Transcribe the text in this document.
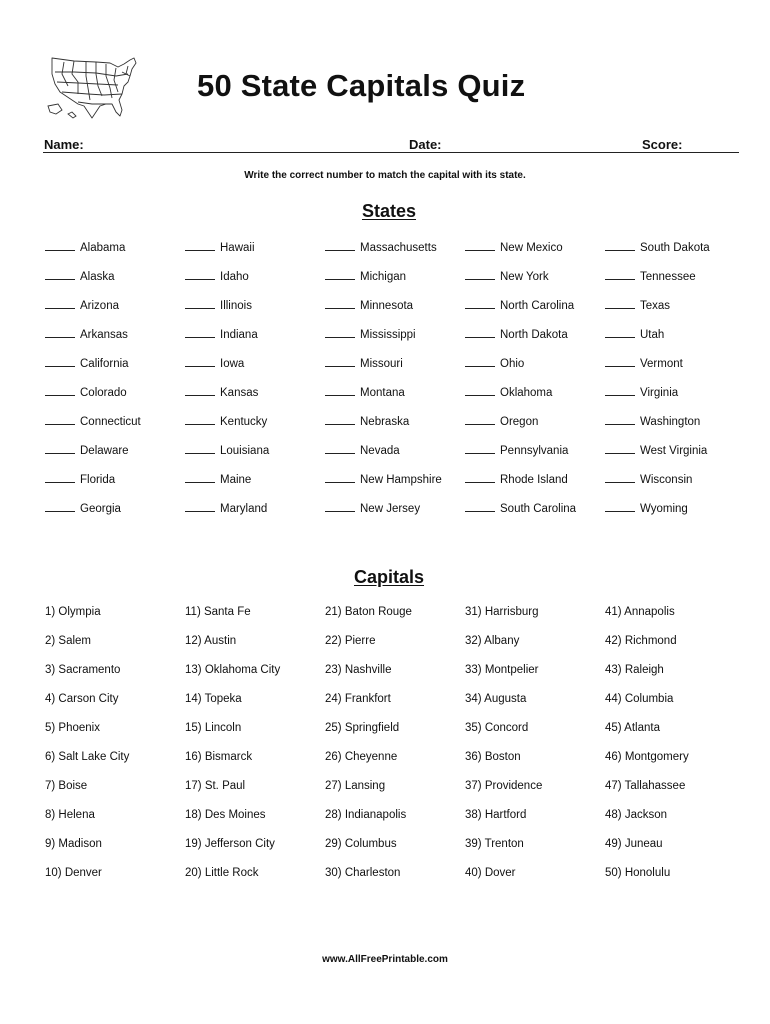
50 State Capitals Quiz
Name:	Date:	Score:
Write the correct number to match the capital with its state.
States
Alabama	Hawaii	Massachusetts	New Mexico	South Dakota
Alaska	Idaho	Michigan	New York	Tennessee
Arizona	Illinois	Minnesota	North Carolina	Texas
Arkansas	Indiana	Mississippi	North Dakota	Utah
California	Iowa	Missouri	Ohio	Vermont
Colorado	Kansas	Montana	Oklahoma	Virginia
Connecticut	Kentucky	Nebraska	Oregon	Washington
Delaware	Louisiana	Nevada	Pennsylvania	West Virginia
Florida	Maine	New Hampshire	Rhode Island	Wisconsin
Georgia	Maryland	New Jersey	South Carolina	Wyoming
Capitals
1) Olympia	11) Santa Fe	21) Baton Rouge	31) Harrisburg	41) Annapolis
2) Salem	12) Austin	22) Pierre	32) Albany	42) Richmond
3) Sacramento	13) Oklahoma City	23) Nashville	33) Montpelier	43) Raleigh
4) Carson City	14) Topeka	24) Frankfort	34) Augusta	44) Columbia
5) Phoenix	15) Lincoln	25) Springfield	35) Concord	45) Atlanta
6) Salt Lake City	16) Bismarck	26) Cheyenne	36) Boston	46) Montgomery
7) Boise	17) St. Paul	27) Lansing	37) Providence	47) Tallahassee
8) Helena	18) Des Moines	28) Indianapolis	38) Hartford	48) Jackson
9) Madison	19) Jefferson City	29) Columbus	39) Trenton	49) Juneau
10) Denver	20) Little Rock	30) Charleston	40) Dover	50) Honolulu
www.AllFreePrintable.com
